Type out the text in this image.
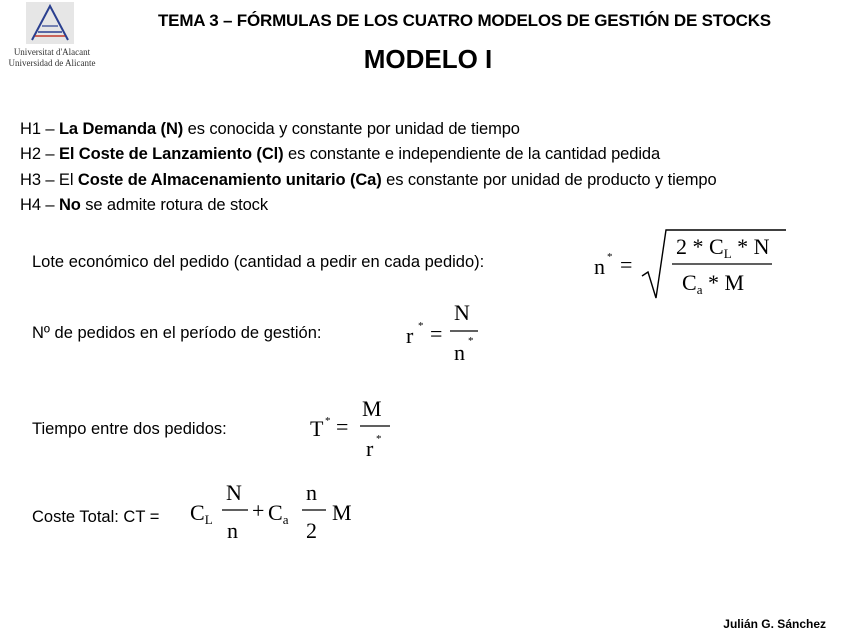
Universitat d'Alacant
Universidad de Alicante
TEMA 3 – FÓRMULAS DE LOS CUATRO MODELOS DE GESTIÓN DE STOCKS
MODELO I
H1 – La Demanda (N) es conocida y constante por unidad de tiempo
H2 – El Coste de Lanzamiento (Cl) es constante e independiente de la cantidad pedida
H3 – El Coste de Almacenamiento unitario (Ca) es constante por unidad de producto y tiempo
H4 – No se admite rotura de stock
Lote económico del pedido (cantidad a pedir en cada pedido):	n * =
2 * CL * N
Ca * M
Nº de pedidos en el período de gestión:	r * =
N
n *
Tiempo entre dos pedidos:	T * =
M
r *
Coste Total: CT = CL
N
n
+ Ca
n
2
M
Julián G. Sánchez
